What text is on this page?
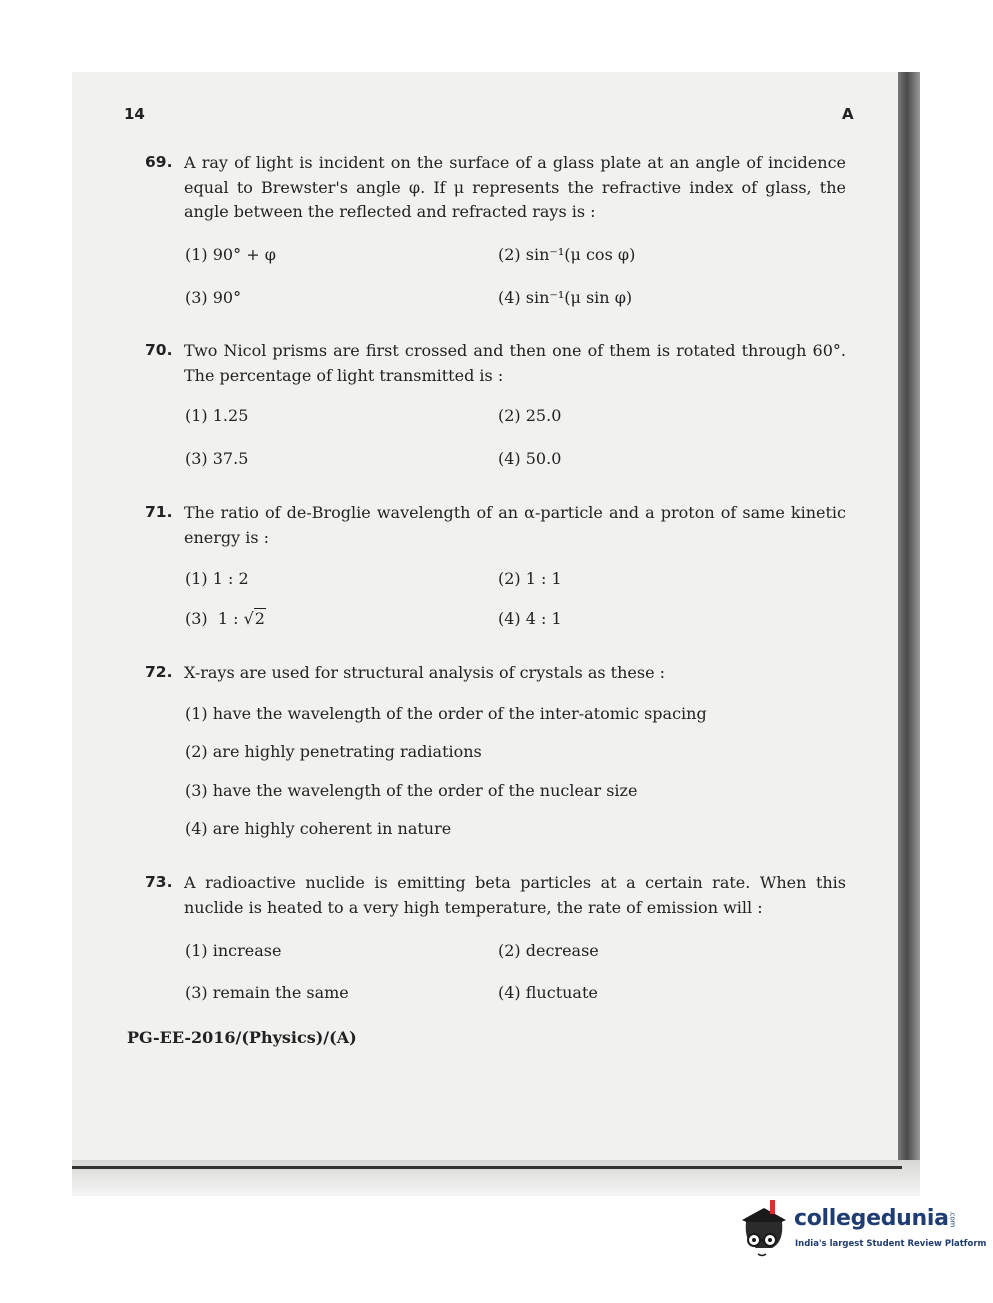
14	A
69. A ray of light is incident on the surface of a glass plate at an angle of incidence equal to Brewster's angle φ. If μ represents the refractive index of glass, the angle between the reflected and refracted rays is :
(1) 90° + φ	(2) sin⁻¹(μ cos φ)
(3) 90°	(4) sin⁻¹(μ sin φ)
70. Two Nicol prisms are first crossed and then one of them is rotated through 60°. The percentage of light transmitted is :
(1) 1.25	(2) 25.0
(3) 37.5	(4) 50.0
71. The ratio of de-Broglie wavelength of an α-particle and a proton of same kinetic energy is :
(1) 1 : 2	(2) 1 : 1
(3)  1 : √2	(4) 4 : 1
72. X-rays are used for structural analysis of crystals as these :
(1) have the wavelength of the order of the inter-atomic spacing
(2) are highly penetrating radiations
(3) have the wavelength of the order of the nuclear size
(4) are highly coherent in nature
73. A radioactive nuclide is emitting beta particles at a certain rate. When this nuclide is heated to a very high temperature, the rate of emission will :
(1) increase	(2) decrease
(3) remain the same	(4) fluctuate
PG-EE-2016/(Physics)/(A)
collegedunia.com
India's largest Student Review Platform
